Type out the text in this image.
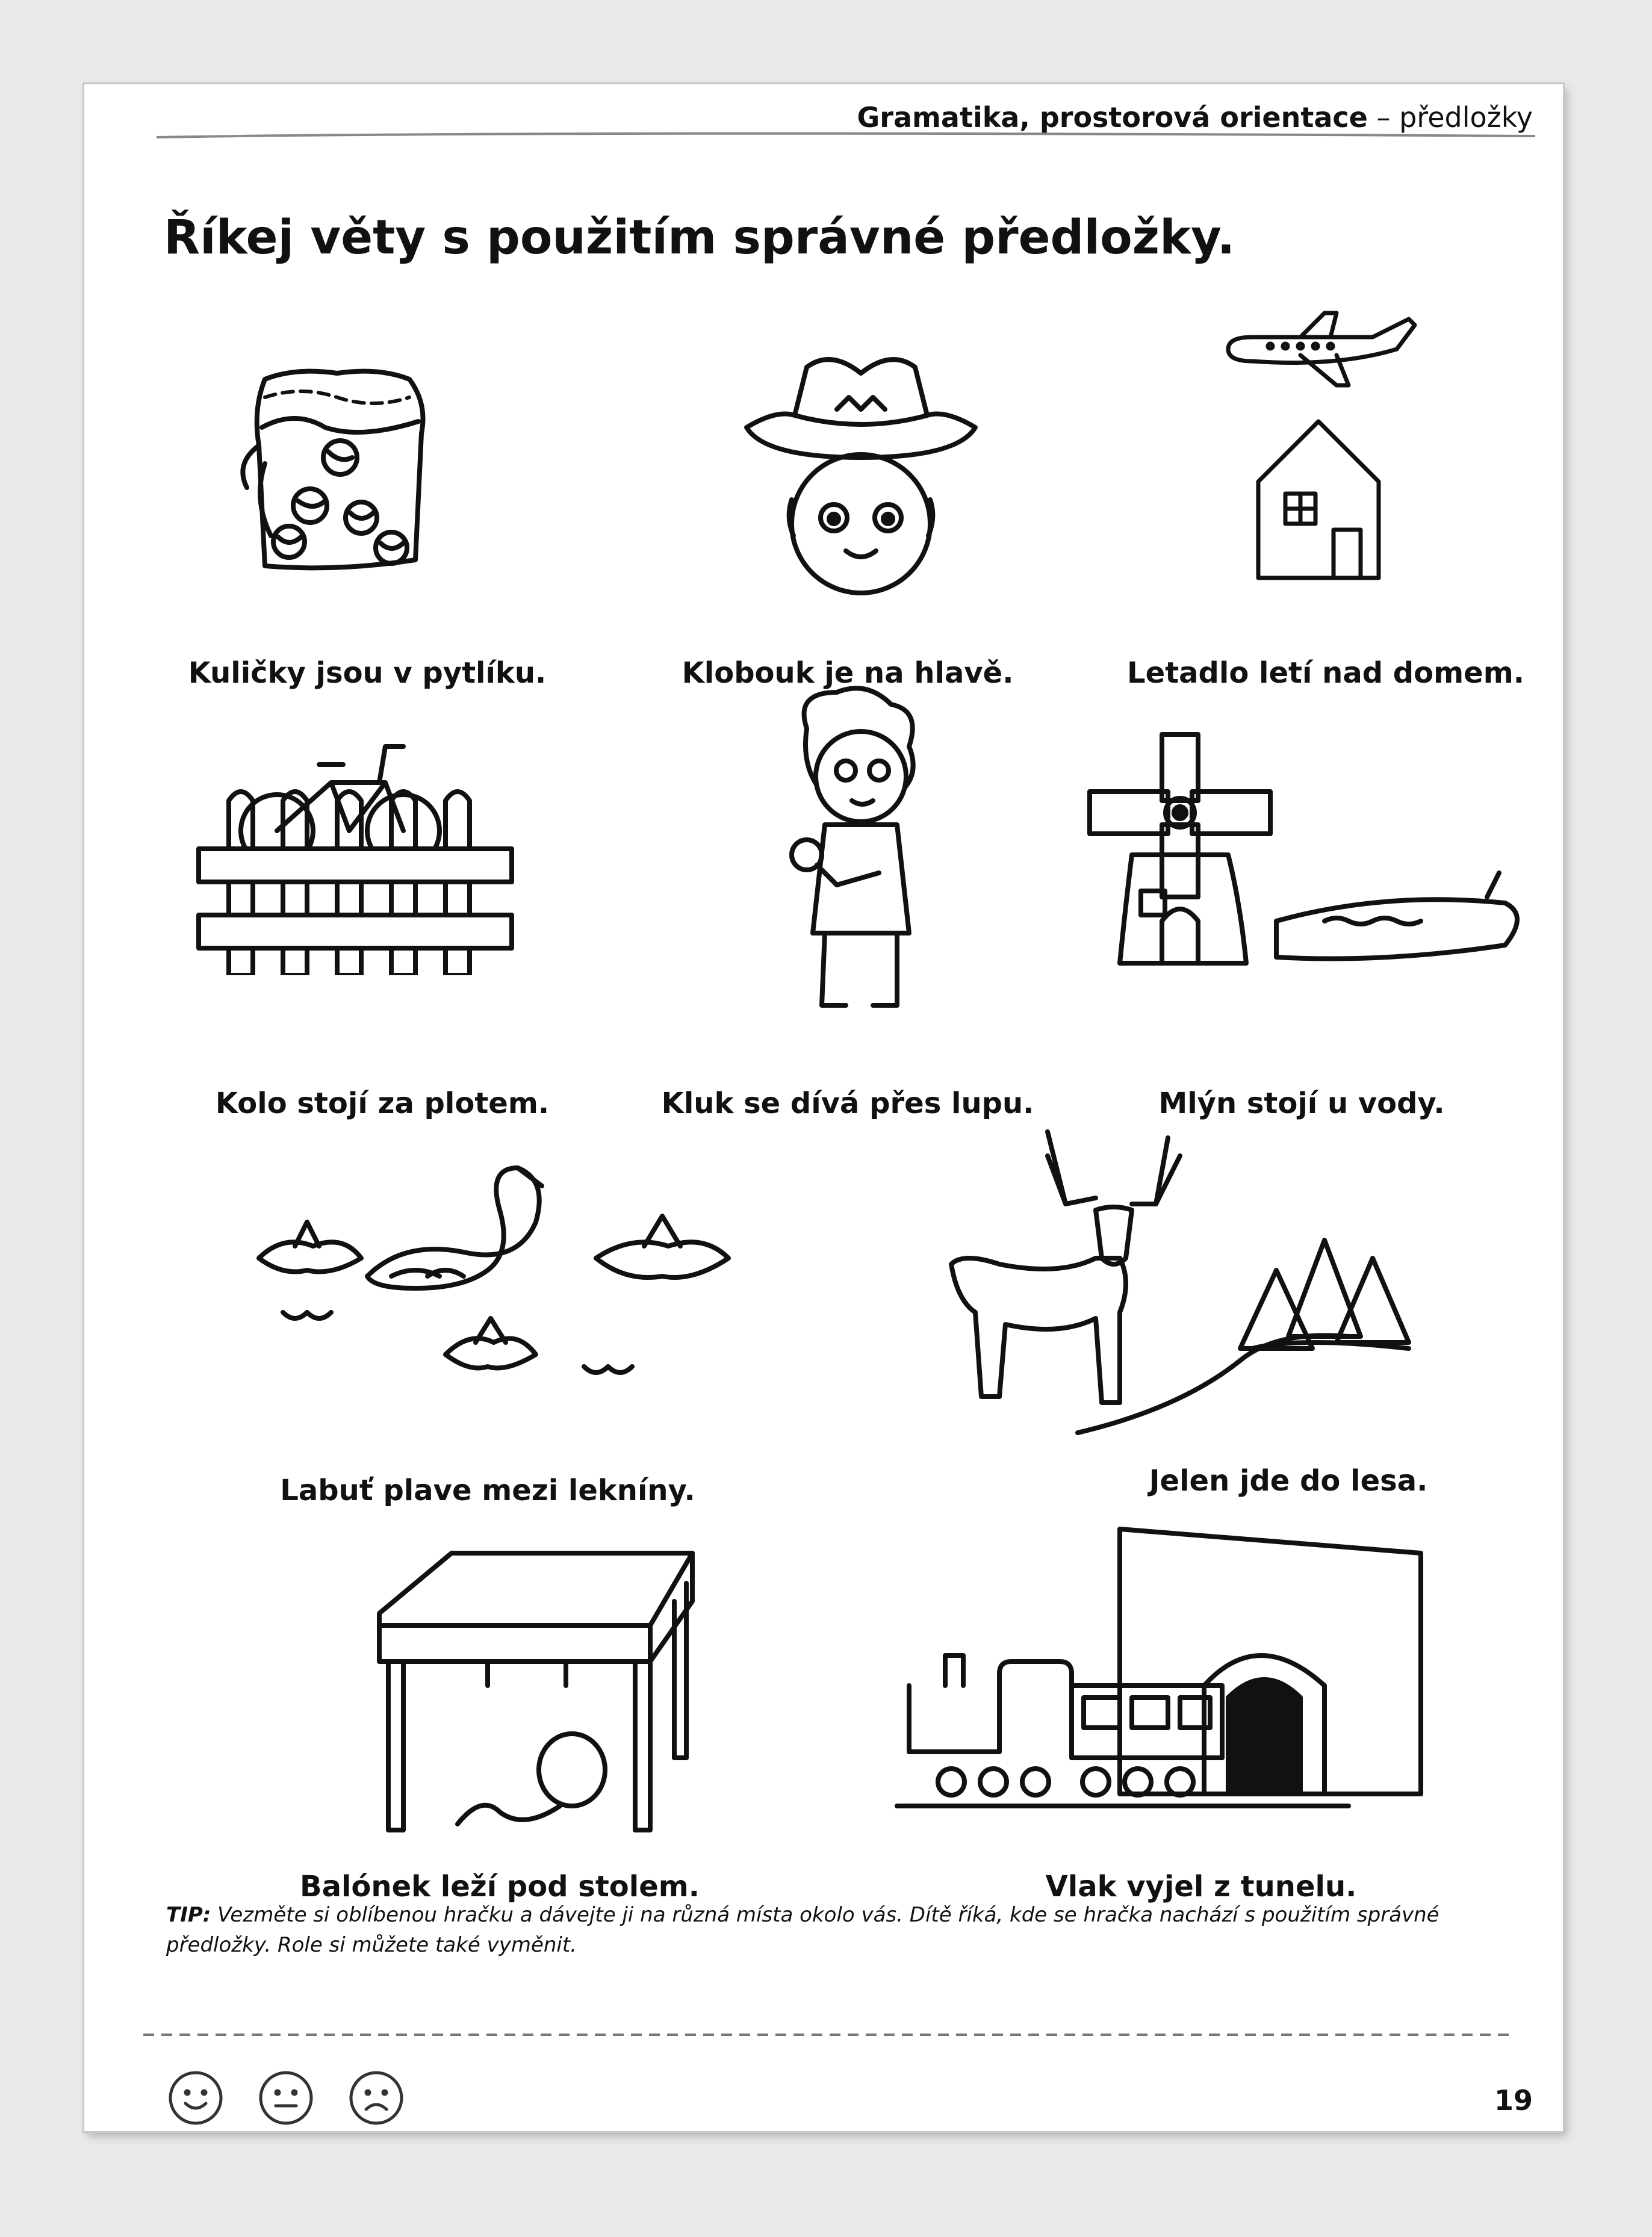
Gramatika, prostorová orientace – předložky
Říkej věty s použitím správné předložky.
Kuličky jsou v pytlíku.	Klobouk je na hlavě.	Letadlo letí nad domem.
Kolo stojí za plotem.	Kluk se dívá přes lupu.	Mlýn stojí u vody.
Labuť plave mezi lekníny.	Jelen jde do lesa.
Balónek leží pod stolem.	Vlak vyjel z tunelu.
TIP: Vezměte si oblíbenou hračku a dávejte ji na různá místa okolo vás. Dítě říká, kde se hračka nachází s použitím správné předložky. Role si můžete také vyměnit.
19
